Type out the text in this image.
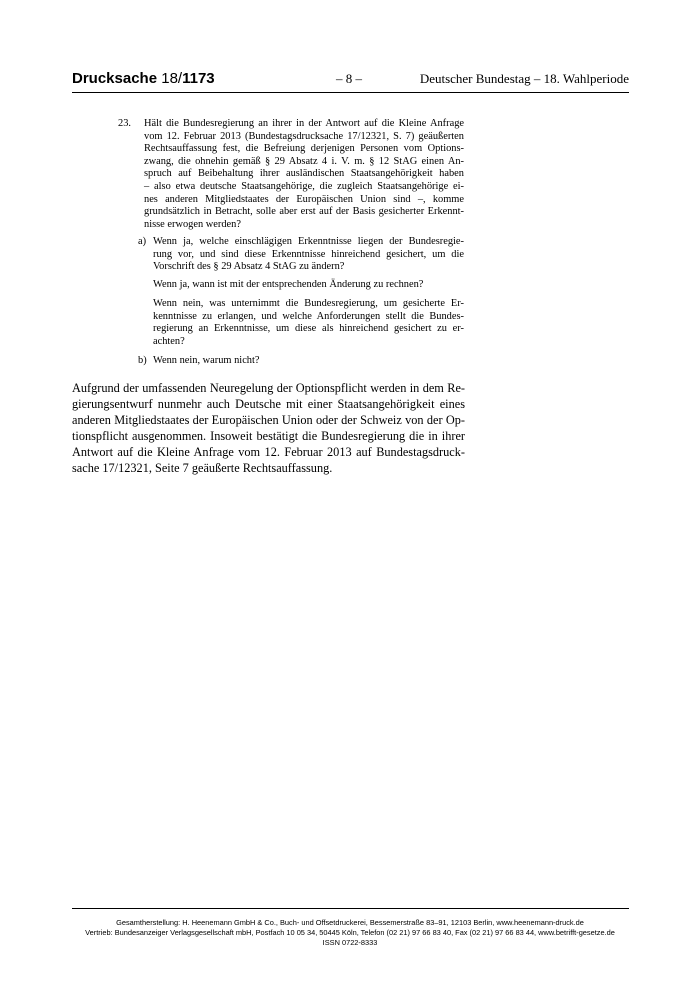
Drucksache 18/1173	– 8 –	Deutscher Bundestag – 18. Wahlperiode
23. Hält die Bundesregierung an ihrer in der Antwort auf die Kleine Anfrage
vom 12. Februar 2013 (Bundestagsdrucksache 17/12321, S. 7) geäußerten
Rechtsauffassung fest, die Befreiung derjenigen Personen vom Options-
zwang, die ohnehin gemäß § 29 Absatz 4 i. V. m. § 12 StAG einen An-
spruch auf Beibehaltung ihrer ausländischen Staatsangehörigkeit haben
– also etwa deutsche Staatsangehörige, die zugleich Staatsangehörige ei-
nes anderen Mitgliedstaates der Europäischen Union sind –, komme
grundsätzlich in Betracht, solle aber erst auf der Basis gesicherter Erkennt-
nisse erwogen werden?
a) Wenn ja, welche einschlägigen Erkenntnisse liegen der Bundesregie-
rung vor, und sind diese Erkenntnisse hinreichend gesichert, um die
Vorschrift des § 29 Absatz 4 StAG zu ändern?
Wenn ja, wann ist mit der entsprechenden Änderung zu rechnen?
Wenn nein, was unternimmt die Bundesregierung, um gesicherte Er-
kenntnisse zu erlangen, und welche Anforderungen stellt die Bundes-
regierung an Erkenntnisse, um diese als hinreichend gesichert zu er-
achten?
b) Wenn nein, warum nicht?
Aufgrund der umfassenden Neuregelung der Optionspflicht werden in dem Re-
gierungsentwurf nunmehr auch Deutsche mit einer Staatsangehörigkeit eines
anderen Mitgliedstaates der Europäischen Union oder der Schweiz von der Op-
tionspflicht ausgenommen. Insoweit bestätigt die Bundesregierung die in ihrer
Antwort auf die Kleine Anfrage vom 12. Februar 2013 auf Bundestagsdruck-
sache 17/12321, Seite 7 geäußerte Rechtsauffassung.
Gesamtherstellung: H. Heenemann GmbH & Co., Buch- und Offsetdruckerei, Bessemerstraße 83–91, 12103 Berlin, www.heenemann-druck.de
Vertrieb: Bundesanzeiger Verlagsgesellschaft mbH, Postfach 10 05 34, 50445 Köln, Telefon (02 21) 97 66 83 40, Fax (02 21) 97 66 83 44, www.betrifft-gesetze.de
ISSN 0722-8333
